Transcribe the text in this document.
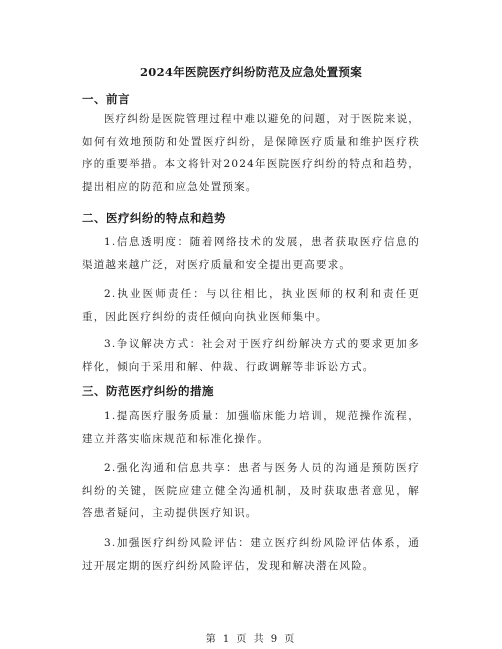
2024年医院医疗纠纷防范及应急处置预案
一、前言

医疗纠纷是医院管理过程中难以避免的问题，对于医院来说，如何有效地预防和处置医疗纠纷，是保障医疗质量和维护医疗秩序的重要举措。本文将针对2024年医院医疗纠纷的特点和趋势，提出相应的防范和应急处置预案。

二、医疗纠纷的特点和趋势

1.信息透明度：随着网络技术的发展，患者获取医疗信息的渠道越来越广泛，对医疗质量和安全提出更高要求。

2.执业医师责任：与以往相比，执业医师的权利和责任更重，因此医疗纠纷的责任倾向向执业医师集中。

3.争议解决方式：社会对于医疗纠纷解决方式的要求更加多样化，倾向于采用和解、仲裁、行政调解等非诉讼方式。

三、防范医疗纠纷的措施

1.提高医疗服务质量：加强临床能力培训，规范操作流程，建立并落实临床规范和标准化操作。

2.强化沟通和信息共享：患者与医务人员的沟通是预防医疗纠纷的关键，医院应建立健全沟通机制，及时获取患者意见，解答患者疑问，主动提供医疗知识。

3.加强医疗纠纷风险评估：建立医疗纠纷风险评估体系，通过开展定期的医疗纠纷风险评估，发现和解决潜在风险。

第 1 页 共 9 页
